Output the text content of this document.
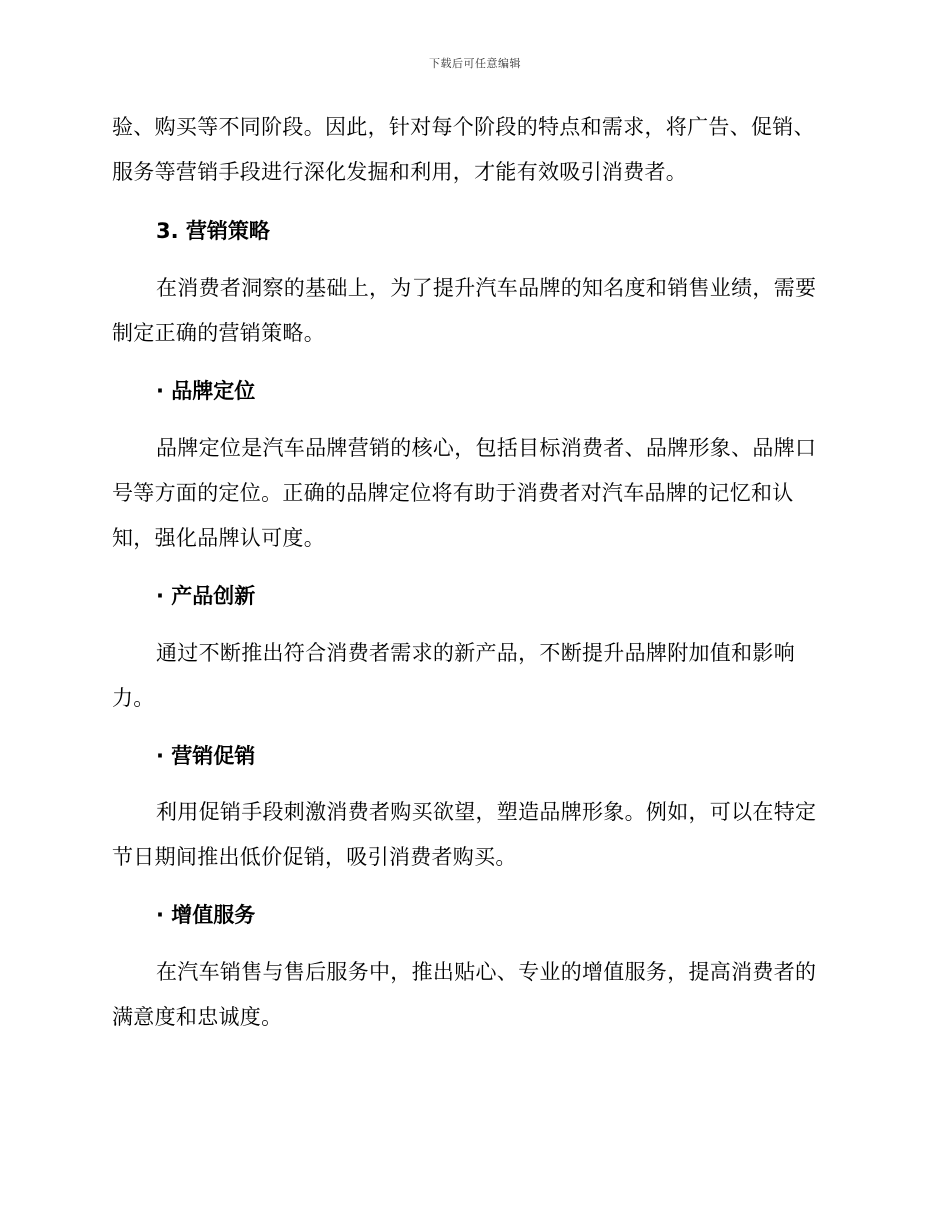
下载后可任意编辑
验、购买等不同阶段。因此，针对每个阶段的特点和需求，将广告、促销、服务等营销手段进行深化发掘和利用，才能有效吸引消费者。
3. 营销策略
在消费者洞察的基础上，为了提升汽车品牌的知名度和销售业绩，需要制定正确的营销策略。
· 品牌定位
品牌定位是汽车品牌营销的核心，包括目标消费者、品牌形象、品牌口号等方面的定位。正确的品牌定位将有助于消费者对汽车品牌的记忆和认知，强化品牌认可度。
· 产品创新
通过不断推出符合消费者需求的新产品，不断提升品牌附加值和影响力。
· 营销促销
利用促销手段刺激消费者购买欲望，塑造品牌形象。例如，可以在特定节日期间推出低价促销，吸引消费者购买。
· 增值服务
在汽车销售与售后服务中，推出贴心、专业的增值服务，提高消费者的满意度和忠诚度。
